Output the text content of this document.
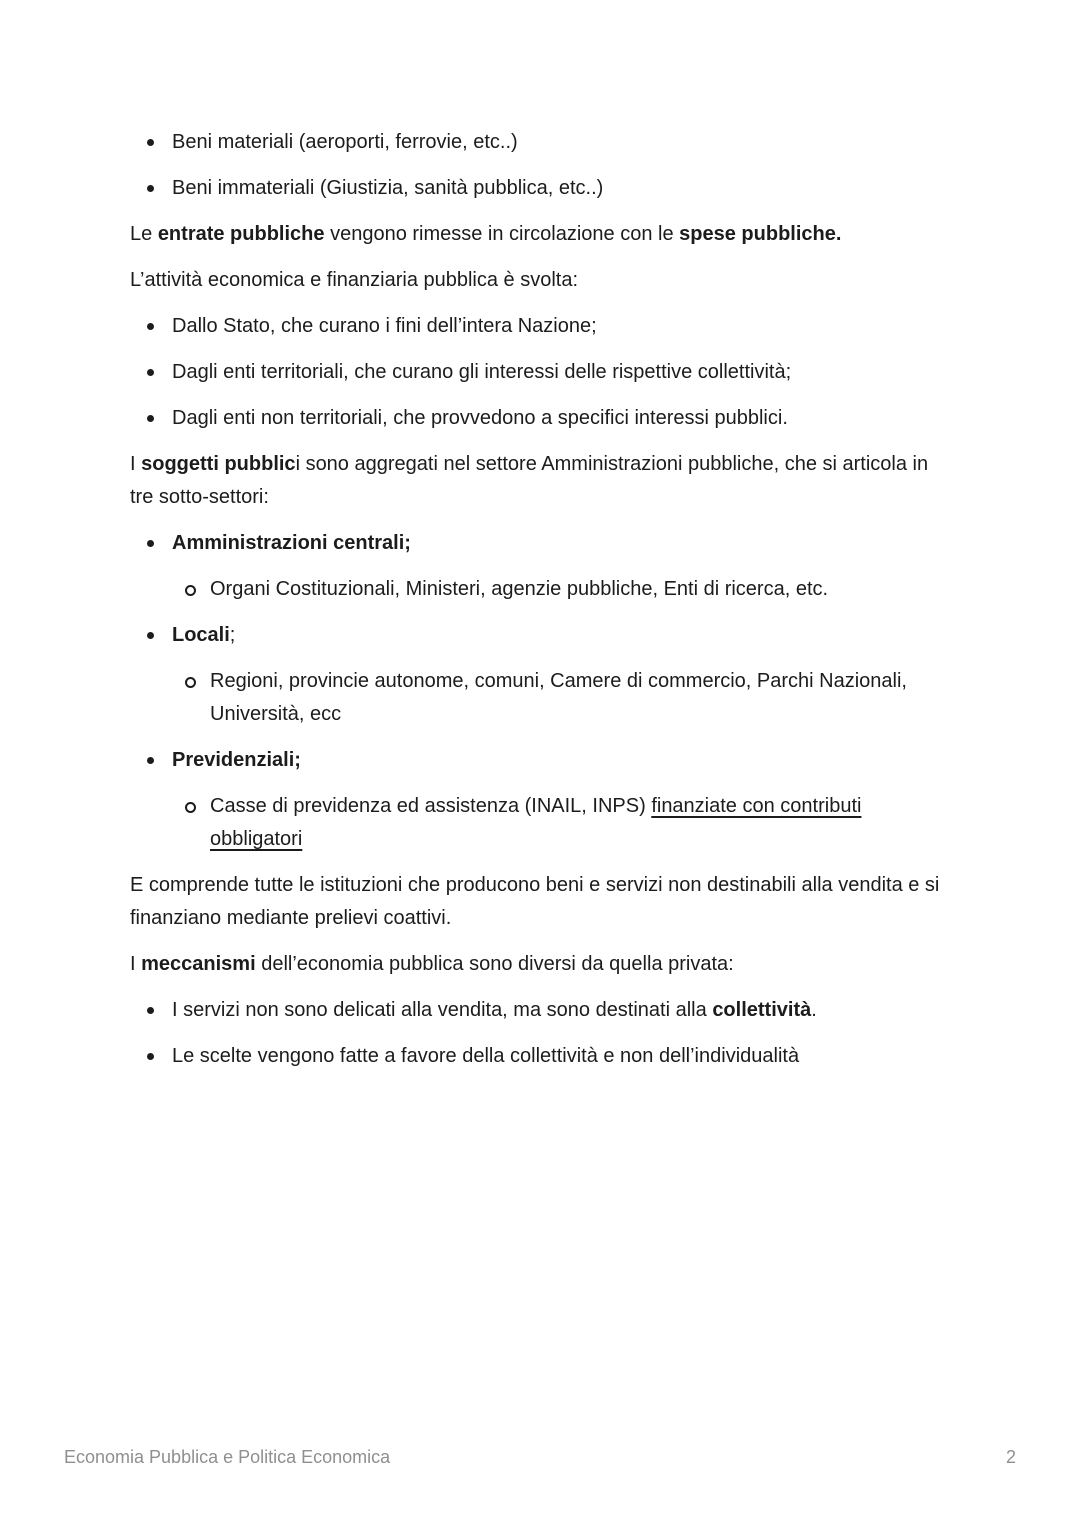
Beni materiali (aeroporti, ferrovie, etc..)
Beni immateriali (Giustizia, sanità pubblica, etc..)
Le entrate pubbliche vengono rimesse in circolazione con le spese pubbliche.
L’attività economica e finanziaria pubblica è svolta:
Dallo Stato, che curano i fini dell’intera Nazione;
Dagli enti territoriali, che curano gli interessi delle rispettive collettività;
Dagli enti non territoriali, che provvedono a specifici interessi pubblici.
I soggetti pubblici sono aggregati nel settore Amministrazioni pubbliche, che si articola in tre sotto-settori:
Amministrazioni centrali;
Organi Costituzionali, Ministeri, agenzie pubbliche, Enti di ricerca, etc.
Locali;
Regioni, provincie autonome, comuni, Camere di commercio, Parchi Nazionali, Università, ecc
Previdenziali;
Casse di previdenza ed assistenza (INAIL, INPS) finanziate con contributi obbligatori
E comprende tutte le istituzioni che producono beni e servizi non destinabili alla vendita e si finanziano mediante prelievi coattivi.
I meccanismi dell’economia pubblica sono diversi da quella privata:
I servizi non sono delicati alla vendita, ma sono destinati alla collettività.
Le scelte vengono fatte a favore della collettività e non dell’individualità
Economia Pubblica e Politica Economica	2
